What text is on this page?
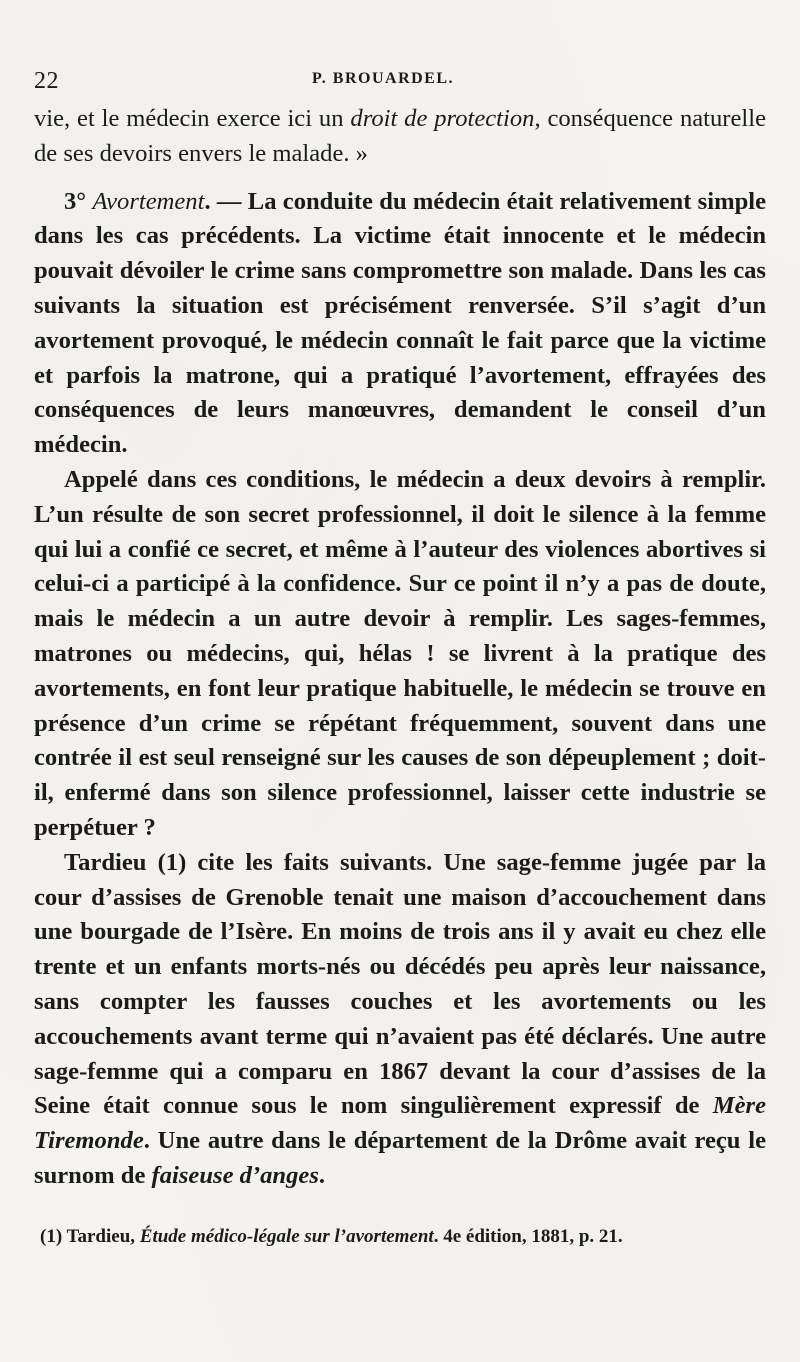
22	P. BROUARDEL.

vie, et le médecin exerce ici un droit de protection, conséquence naturelle de ses devoirs envers le malade. »

3° Avortement. — La conduite du médecin était relativement simple dans les cas précédents. La victime était innocente et le médecin pouvait dévoiler le crime sans compromettre son malade. Dans les cas suivants la situation est précisément renversée. S’il s’agit d’un avortement provoqué, le médecin connaît le fait parce que la victime et parfois la matrone, qui a pratiqué l’avortement, effrayées des conséquences de leurs manœuvres, demandent le conseil d’un médecin.

Appelé dans ces conditions, le médecin a deux devoirs à remplir. L’un résulte de son secret professionnel, il doit le silence à la femme qui lui a confié ce secret, et même à l’auteur des violences abortives si celui-ci a participé à la confidence. Sur ce point il n’y a pas de doute, mais le médecin a un autre devoir à remplir. Les sages-femmes, matrones ou médecins, qui, hélas ! se livrent à la pratique des avortements, en font leur pratique habituelle, le médecin se trouve en présence d’un crime se répétant fréquemment, souvent dans une contrée il est seul renseigné sur les causes de son dépeuplement ; doit-il, enfermé dans son silence professionnel, laisser cette industrie se perpétuer ?

Tardieu (1) cite les faits suivants. Une sage-femme jugée par la cour d’assises de Grenoble tenait une maison d’accouchement dans une bourgade de l’Isère. En moins de trois ans il y avait eu chez elle trente et un enfants morts-nés ou décédés peu après leur naissance, sans compter les fausses couches et les avortements ou les accouchements avant terme qui n’avaient pas été déclarés. Une autre sage-femme qui a comparu en 1867 devant la cour d’assises de la Seine était connue sous le nom singulièrement expressif de Mère Tiremonde. Une autre dans le département de la Drôme avait reçu le surnom de faiseuse d’anges.

(1) Tardieu, Étude médico-légale sur l’avortement. 4e édition, 1881, p. 21.
